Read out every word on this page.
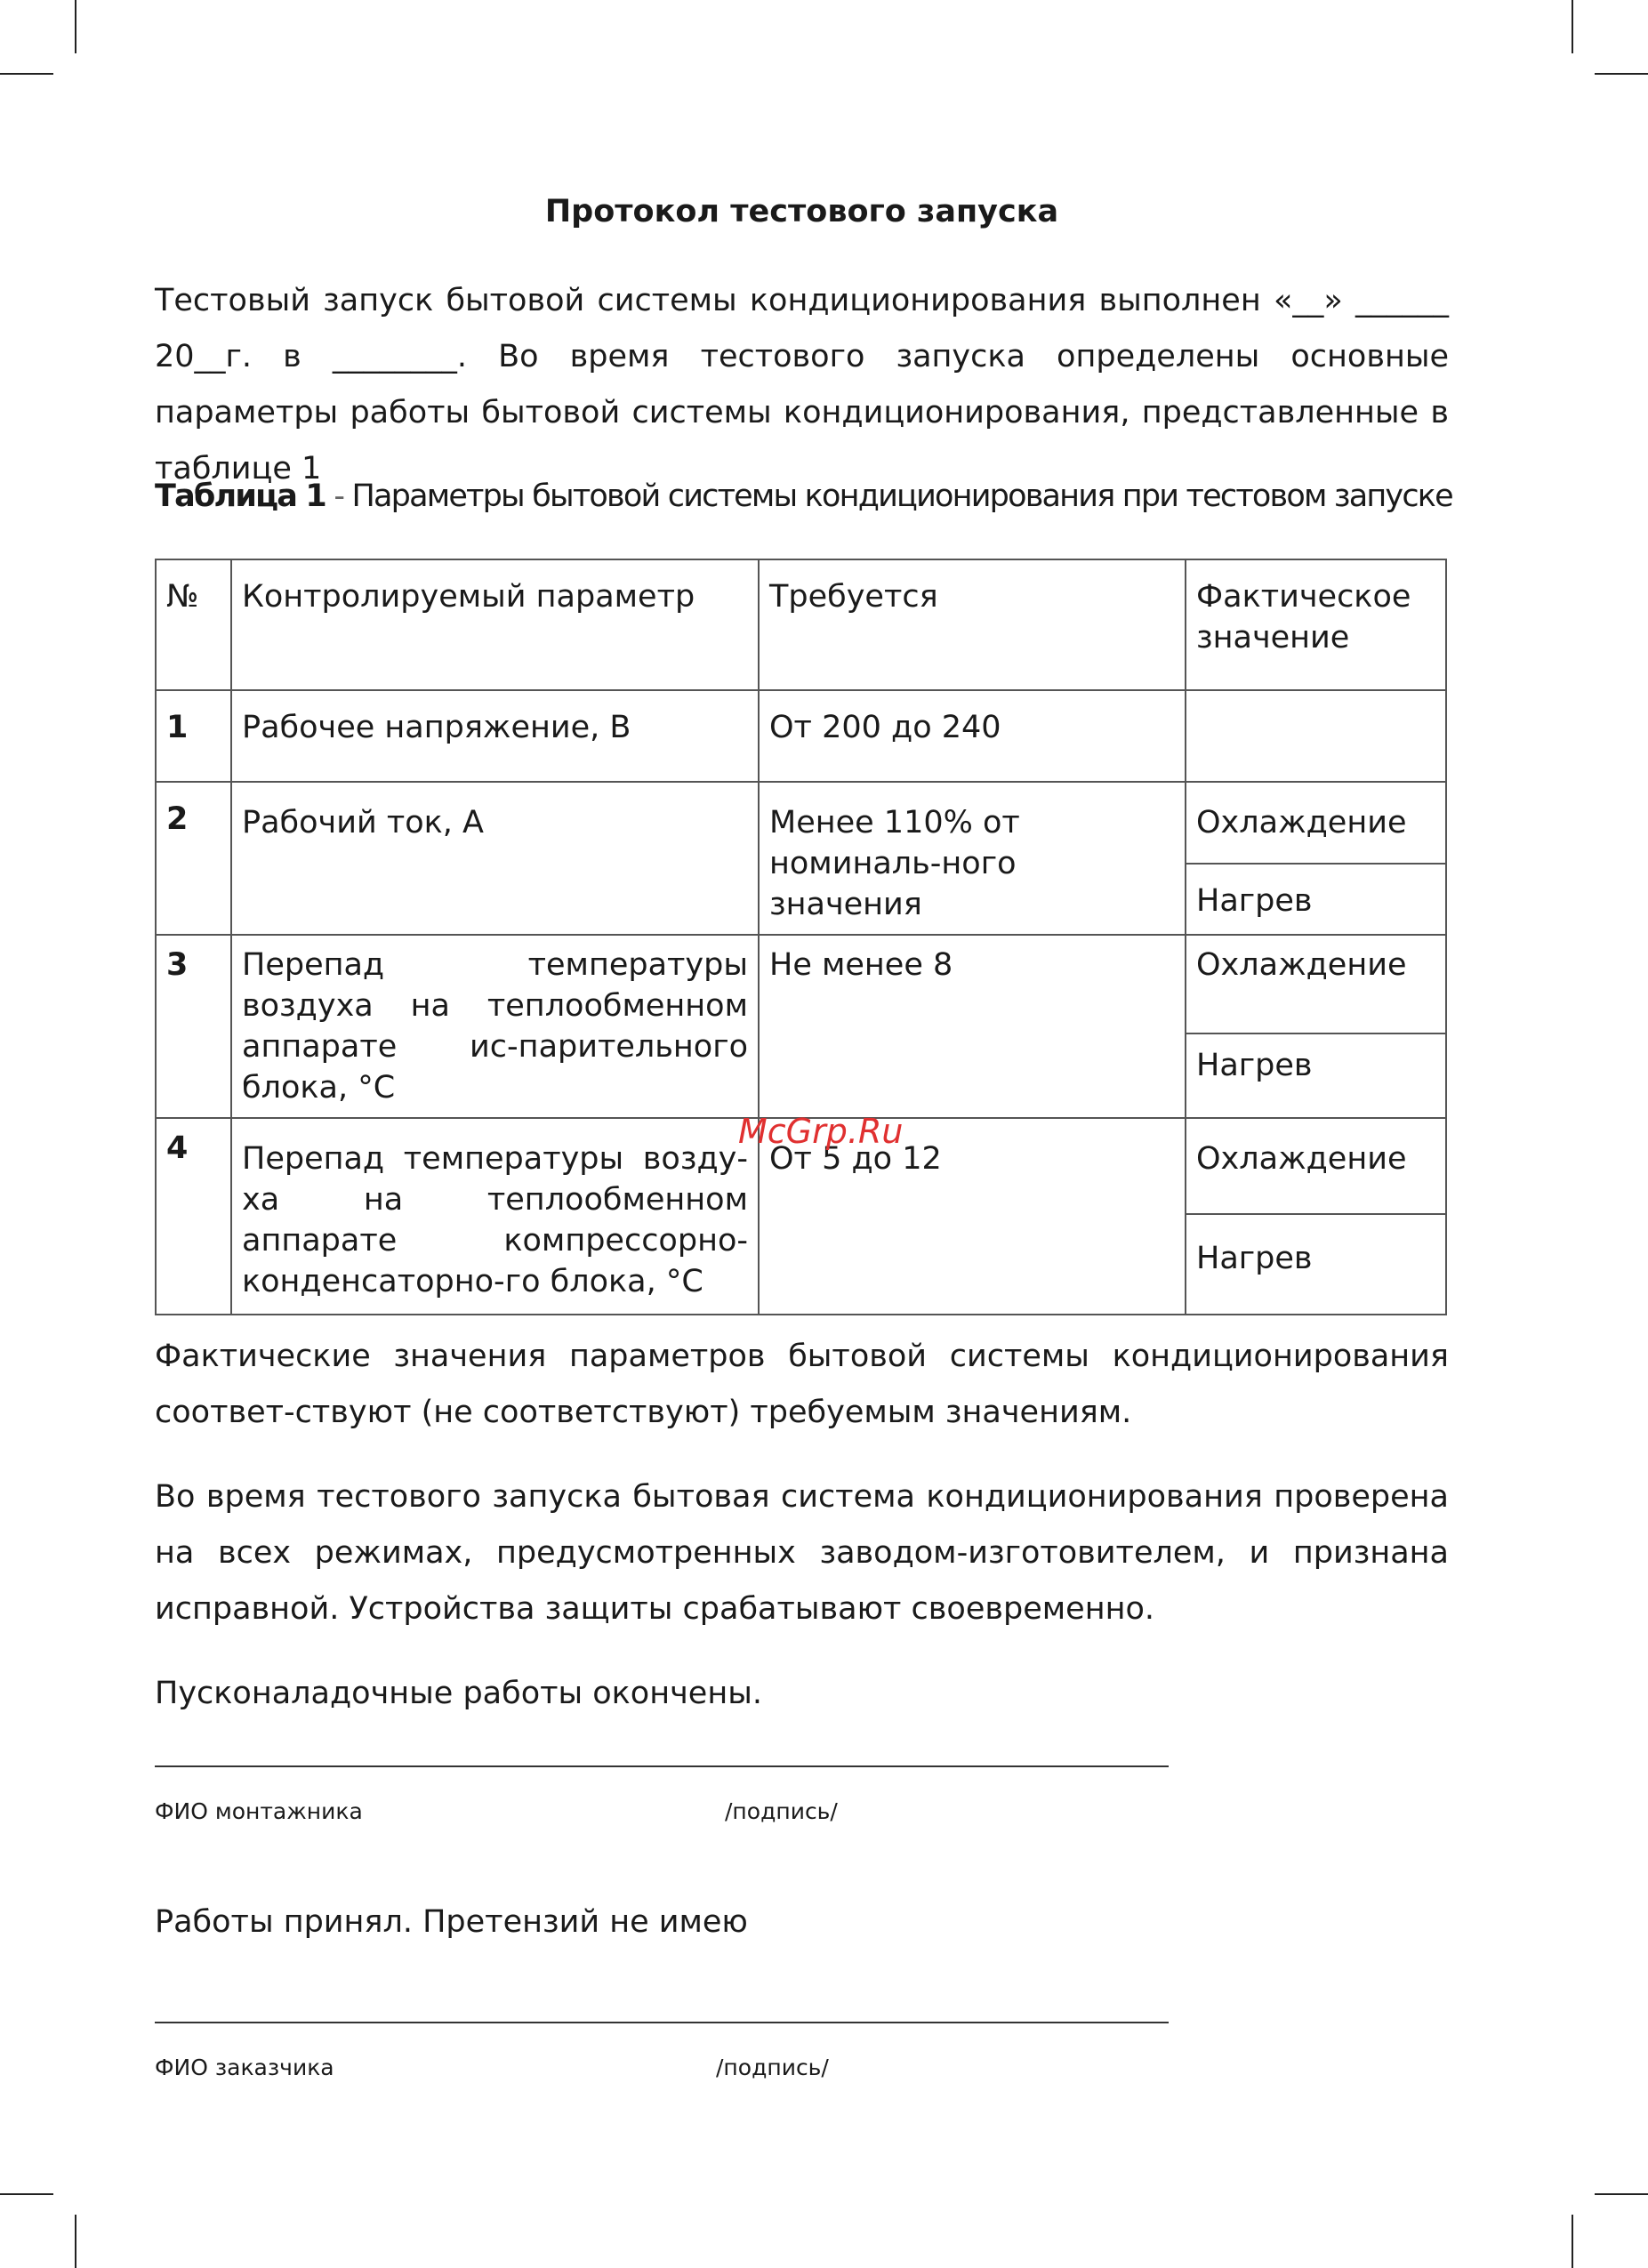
Протокол тестового запуска
Тестовый запуск бытовой системы кондиционирования выполнен «__» ______ 20__г. в ________. Во время тестового запуска определены основные параметры работы бытовой системы кондиционирования, представленные в таблице 1
Таблица 1 - Параметры бытовой системы кондиционирования при тестовом запуске
№	Контролируемый параметр	Требуется	Фактическое значение
1	Рабочее напряжение, В	От 200 до 240	
2	Рабочий ток, А	Менее 110% от номиналь-ного значения	Охлаждение
			Нагрев
3	Перепад температуры воздуха на теплообменном аппарате ис-парительного блока, °С	Не менее 8	Охлаждение
			Нагрев
4	Перепад температуры возду-ха на теплообменном аппарате компрессорно-конденсаторно-го блока, °С	От 5 до 12	Охлаждение
			Нагрев
McGrp.Ru
Фактические значения параметров бытовой системы кондиционирования соответ-ствуют (не соответствуют) требуемым значениям.
Во время тестового запуска бытовая система кондиционирования проверена на всех режимах, предусмотренных заводом-изготовителем, и признана исправной. Устройства защиты срабатывают своевременно.
Пусконаладочные работы окончены.
ФИО монтажника	/подпись/
Работы принял. Претензий не имею
ФИО заказчика	/подпись/
